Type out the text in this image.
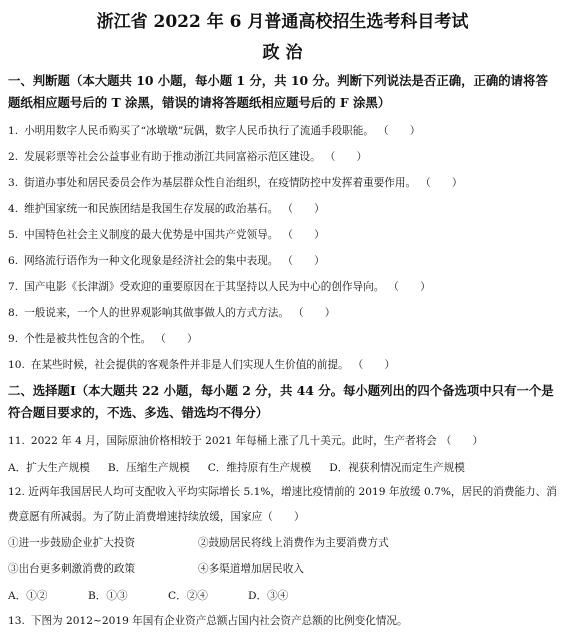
浙江省 2022 年 6 月普通高校招生选考科目考试
政 治
一、判断题（本大题共 10 小题，每小题 1 分，共 10 分。判断下列说法是否正确，正确的请将答题纸相应题号后的 T 涂黑，错误的请将答题纸相应题号后的 F 涂黑）
1. 小明用数字人民币购买了“冰墩墩”玩偶，数字人民币执行了流通手段职能。 （　　）
2. 发展彩票等社会公益事业有助于推动浙江共同富裕示范区建设。 （　　）
3. 街道办事处和居民委员会作为基层群众性自治组织，在疫情防控中发挥着重要作用。 （　　）
4. 维护国家统一和民族团结是我国生存发展的政治基石。 （　　）
5. 中国特色社会主义制度的最大优势是中国共产党领导。 （　　）
6. 网络流行语作为一种文化现象是经济社会的集中表现。 （　　）
7. 国产电影《长津湖》受欢迎的重要原因在于其坚持以人民为中心的创作导向。 （　　）
8. 一般说来，一个人的世界观影响其做事做人的方式方法。 （　　）
9. 个性是被共性包含的个性。 （　　）
10. 在某些时候，社会提供的客观条件并非是人们实现人生价值的前提。 （　　）
二、选择题Ⅰ（本大题共 22 小题，每小题 2 分，共 44 分。每小题列出的四个备选项中只有一个是符合题目要求的，不选、多选、错选均不得分）
11. 2022 年 4 月，国际原油价格相较于 2021 年每桶上涨了几十美元。此时，生产者将会 （　　）
A．扩大生产规模 B．压缩生产规模 C．维持原有生产规模 D．视获利情况而定生产规模

12. 近两年我国居民人均可支配收入平均实际增长 5.1%，增速比疫情前的 2019 年放缓 0.7%，居民的消费能力、消费意愿有所减弱。为了防止消费增速持续放缓，国家应（　　）

①进一步鼓励企业扩大投资	②鼓励居民将线上消费作为主要消费方式
③出台更多刺激消费的政策	④多渠道增加居民收入
A．①②	B．①③	C．②④	D．③④
13. 下图为 2012~2019 年国有企业资产总额占国内社会资产总额的比例变化情况。
